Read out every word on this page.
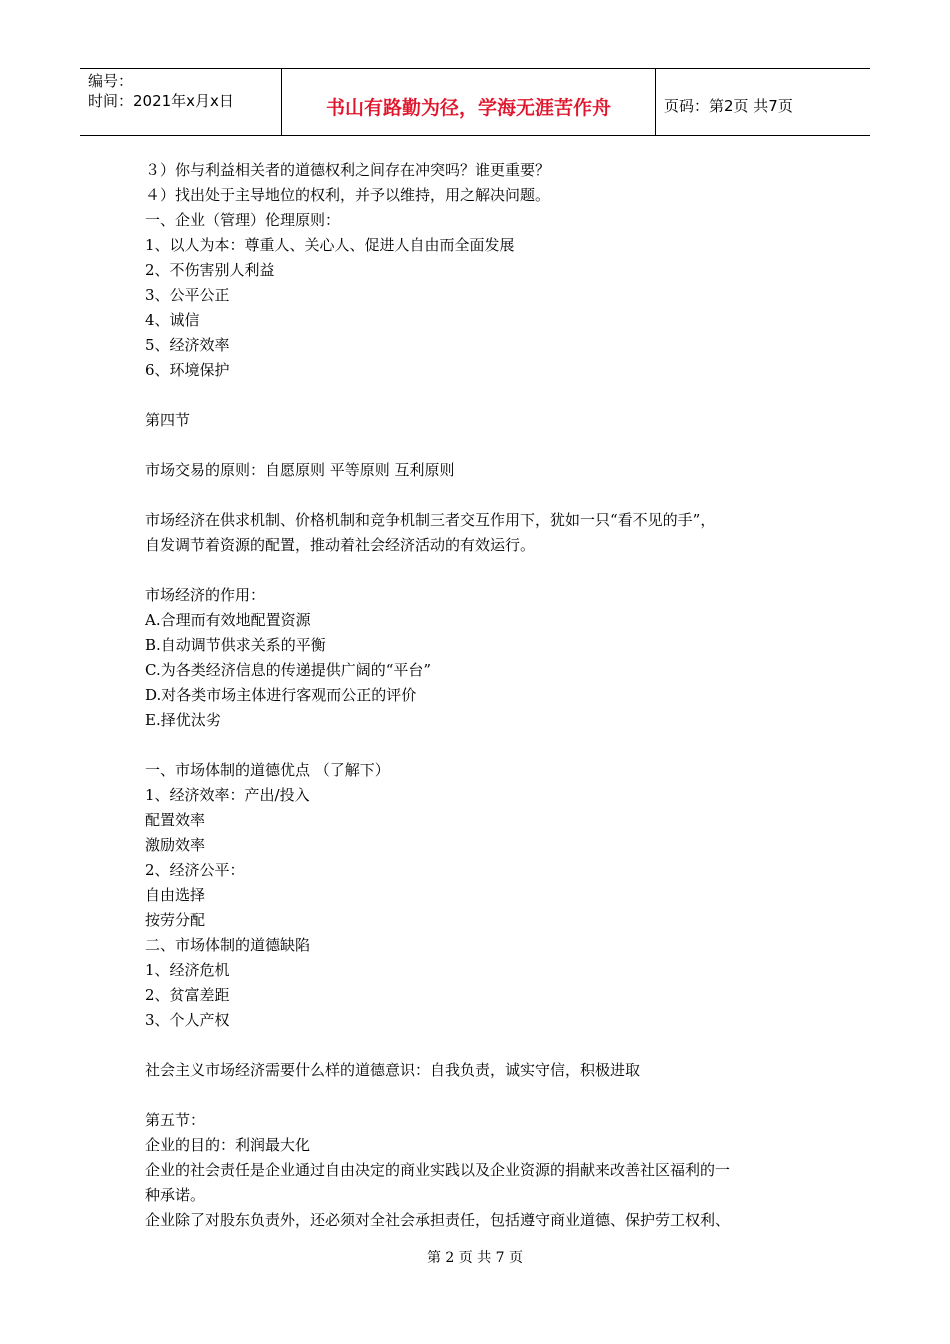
编号：
时间：2021年x月x日	书山有路勤为径，学海无涯苦作舟	页码：第2页 共7页

３）你与利益相关者的道德权利之间存在冲突吗？谁更重要？

４）找出处于主导地位的权利，并予以维持，用之解决问题。

一、企业（管理）伦理原则：

1、以人为本：尊重人、关心人、促进人自由而全面发展

2、不伤害别人利益

3、公平公正

4、诚信

5、经济效率

6、环境保护

第四节

市场交易的原则：自愿原则 平等原则 互利原则

市场经济在供求机制、价格机制和竞争机制三者交互作用下，犹如一只“看不见的手”，

自发调节着资源的配置，推动着社会经济活动的有效运行。

市场经济的作用：

A.合理而有效地配置资源

B.自动调节供求关系的平衡

C.为各类经济信息的传递提供广阔的“平台”

D.对各类市场主体进行客观而公正的评价

E.择优汰劣

一、市场体制的道德优点 （了解下）

1、经济效率：产出/投入

配置效率

激励效率

2、经济公平：

自由选择

按劳分配

二、市场体制的道德缺陷

1、经济危机

2、贫富差距

3、个人产权

社会主义市场经济需要什么样的道德意识：自我负责，诚实守信，积极进取

第五节：

企业的目的：利润最大化

企业的社会责任是企业通过自由决定的商业实践以及企业资源的捐献来改善社区福利的一

种承诺。

企业除了对股东负责外，还必须对全社会承担责任，包括遵守商业道德、保护劳工权利、

第 2 页 共 7 页
